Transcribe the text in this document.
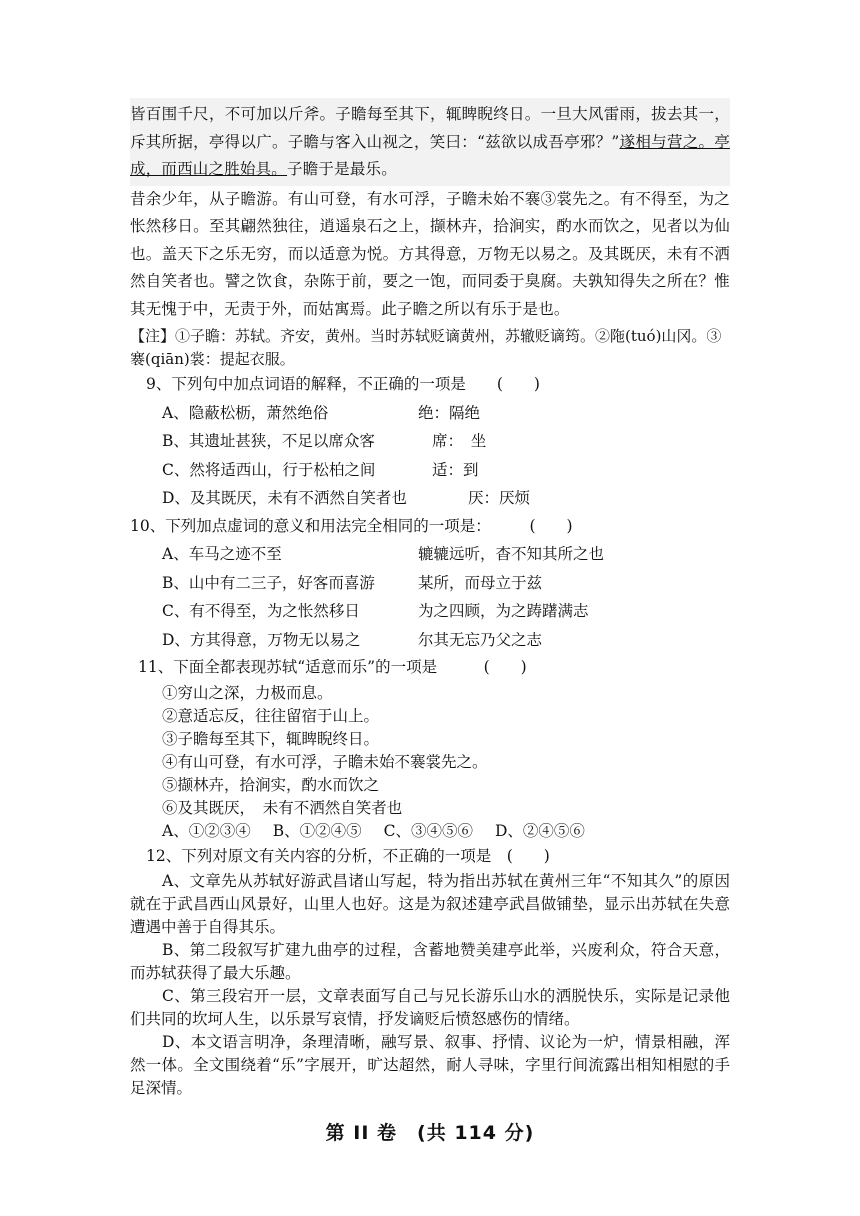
皆百围千尺，不可加以斤斧。子瞻每至其下，辄睥睨终日。一旦大风雷雨，拔去其一，斥其所据，亭得以广。子瞻与客入山视之，笑曰：“兹欲以成吾亭邪？”遂相与营之。亭成，而西山之胜始具。子瞻于是最乐。

昔余少年，从子瞻游。有山可登，有水可浮，子瞻未始不褰③裳先之。有不得至，为之怅然移日。至其翩然独往，逍遥泉石之上，撷林卉，拾涧实，酌水而饮之，见者以为仙也。盖天下之乐无穷，而以适意为悦。方其得意，万物无以易之。及其既厌，未有不洒然自笑者也。譬之饮食，杂陈于前，要之一饱，而同委于臭腐。夫孰知得失之所在？惟其无愧于中，无责于外，而姑寓焉。此子瞻之所以有乐于是也。

【注】①子瞻：苏轼。齐安，黄州。当时苏轼贬谪黄州，苏辙贬谪筠。②陁(tuó)山冈。③褰(qiān)裳：提起衣服。

9、下列句中加点词语的解释，不正确的一项是　　(　　)

A、隐蔽松枥，萧然绝俗	绝：隔绝

B、其遗址甚狭，不足以席众客	席：　坐

C、然将适西山，行于松柏之间	适：到

D、及其既厌，未有不洒然自笑者也	厌：厌烦

10、下列加点虚词的意义和用法完全相同的一项是：　　　(　　)

A、车马之迹不至	辘辘远听，杳不知其所之也

B、山中有二三子，好客而喜游	某所，而母立于兹

C、有不得至，为之怅然移日	为之四顾，为之踌躇满志

D、方其得意，万物无以易之	尔其无忘乃父之志

11、下面全都表现苏轼“适意而乐”的一项是　　　(　　)

①穷山之深，力极而息。

②意适忘反，往往留宿于山上。

③子瞻每至其下，辄睥睨终日。

④有山可登，有水可浮，子瞻未始不褰裳先之。

⑤撷林卉，拾涧实，酌水而饮之

⑥及其既厌，　未有不洒然自笑者也

A、①②③④ B、①②④⑤ C、③④⑤⑥ D、②④⑤⑥

12、下列对原文有关内容的分析，不正确的一项是　(　　)

A、文章先从苏轼好游武昌诸山写起，特为指出苏轼在黄州三年“不知其久”的原因就在于武昌西山风景好，山里人也好。这是为叙述建亭武昌做铺垫，显示出苏轼在失意遭遇中善于自得其乐。

B、第二段叙写扩建九曲亭的过程，含蓄地赞美建亭此举，兴废利众，符合天意，而苏轼获得了最大乐趣。

C、第三段宕开一层，文章表面写自己与兄长游乐山水的洒脱快乐，实际是记录他们共同的坎坷人生，以乐景写哀情，抒发谪贬后愤怒感伤的情绪。

D、本文语言明净，条理清晰，融写景、叙事、抒情、议论为一炉，情景相融，浑然一体。全文围绕着“乐”字展开，旷达超然，耐人寻味，字里行间流露出相知相慰的手足深情。

第 II 卷　(共 114 分)
